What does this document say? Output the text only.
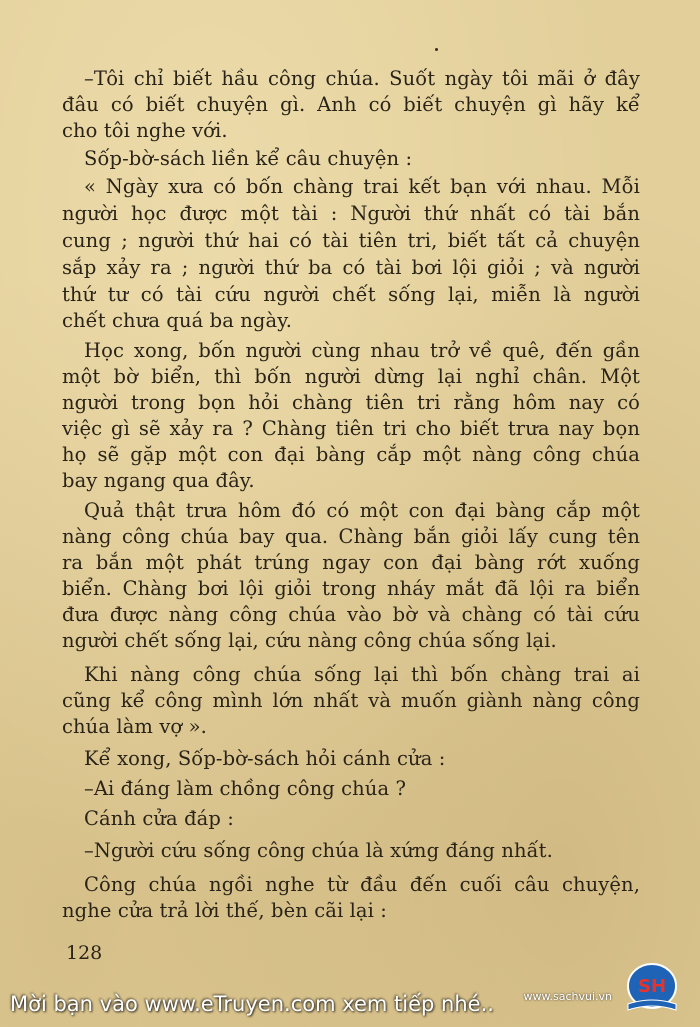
–Tôi chỉ biết hầu công chúa. Suốt ngày tôi mãi ở đây
đâu có biết chuyện gì. Anh có biết chuyện gì hãy kể
cho tôi nghe với.
Sốp-bờ-sách liền kể câu chuyện :
« Ngày xưa có bốn chàng trai kết bạn với nhau. Mỗi
người học được một tài : Người thứ nhất có tài bắn
cung ; người thứ hai có tài tiên tri, biết tất cả chuyện
sắp xảy ra ; người thứ ba có tài bơi lội giỏi ; và người
thứ tư có tài cứu người chết sống lại, miễn là người
chết chưa quá ba ngày.
Học xong, bốn người cùng nhau trở về quê, đến gần
một bờ biển, thì bốn người dừng lại nghỉ chân. Một
người trong bọn hỏi chàng tiên tri rằng hôm nay có
việc gì sẽ xảy ra ? Chàng tiên tri cho biết trưa nay bọn
họ sẽ gặp một con đại bàng cắp một nàng công chúa
bay ngang qua đây.
Quả thật trưa hôm đó có một con đại bàng cắp một
nàng công chúa bay qua. Chàng bắn giỏi lấy cung tên
ra bắn một phát trúng ngay con đại bàng rớt xuống
biển. Chàng bơi lội giỏi trong nháy mắt đã lội ra biển
đưa được nàng công chúa vào bờ và chàng có tài cứu
người chết sống lại, cứu nàng công chúa sống lại.
Khi nàng công chúa sống lại thì bốn chàng trai ai
cũng kể công mình lớn nhất và muốn giành nàng công
chúa làm vợ ».
Kể xong, Sốp-bờ-sách hỏi cánh cửa :
–Ai đáng làm chồng công chúa ?
Cánh cửa đáp :
–Người cứu sống công chúa là xứng đáng nhất.
Công chúa ngồi nghe từ đầu đến cuối câu chuyện,
nghe cửa trả lời thế, bèn cãi lại :
128
www.sachvui.vn SH
Mời bạn vào www.eTruyen.com xem tiếp nhé..
